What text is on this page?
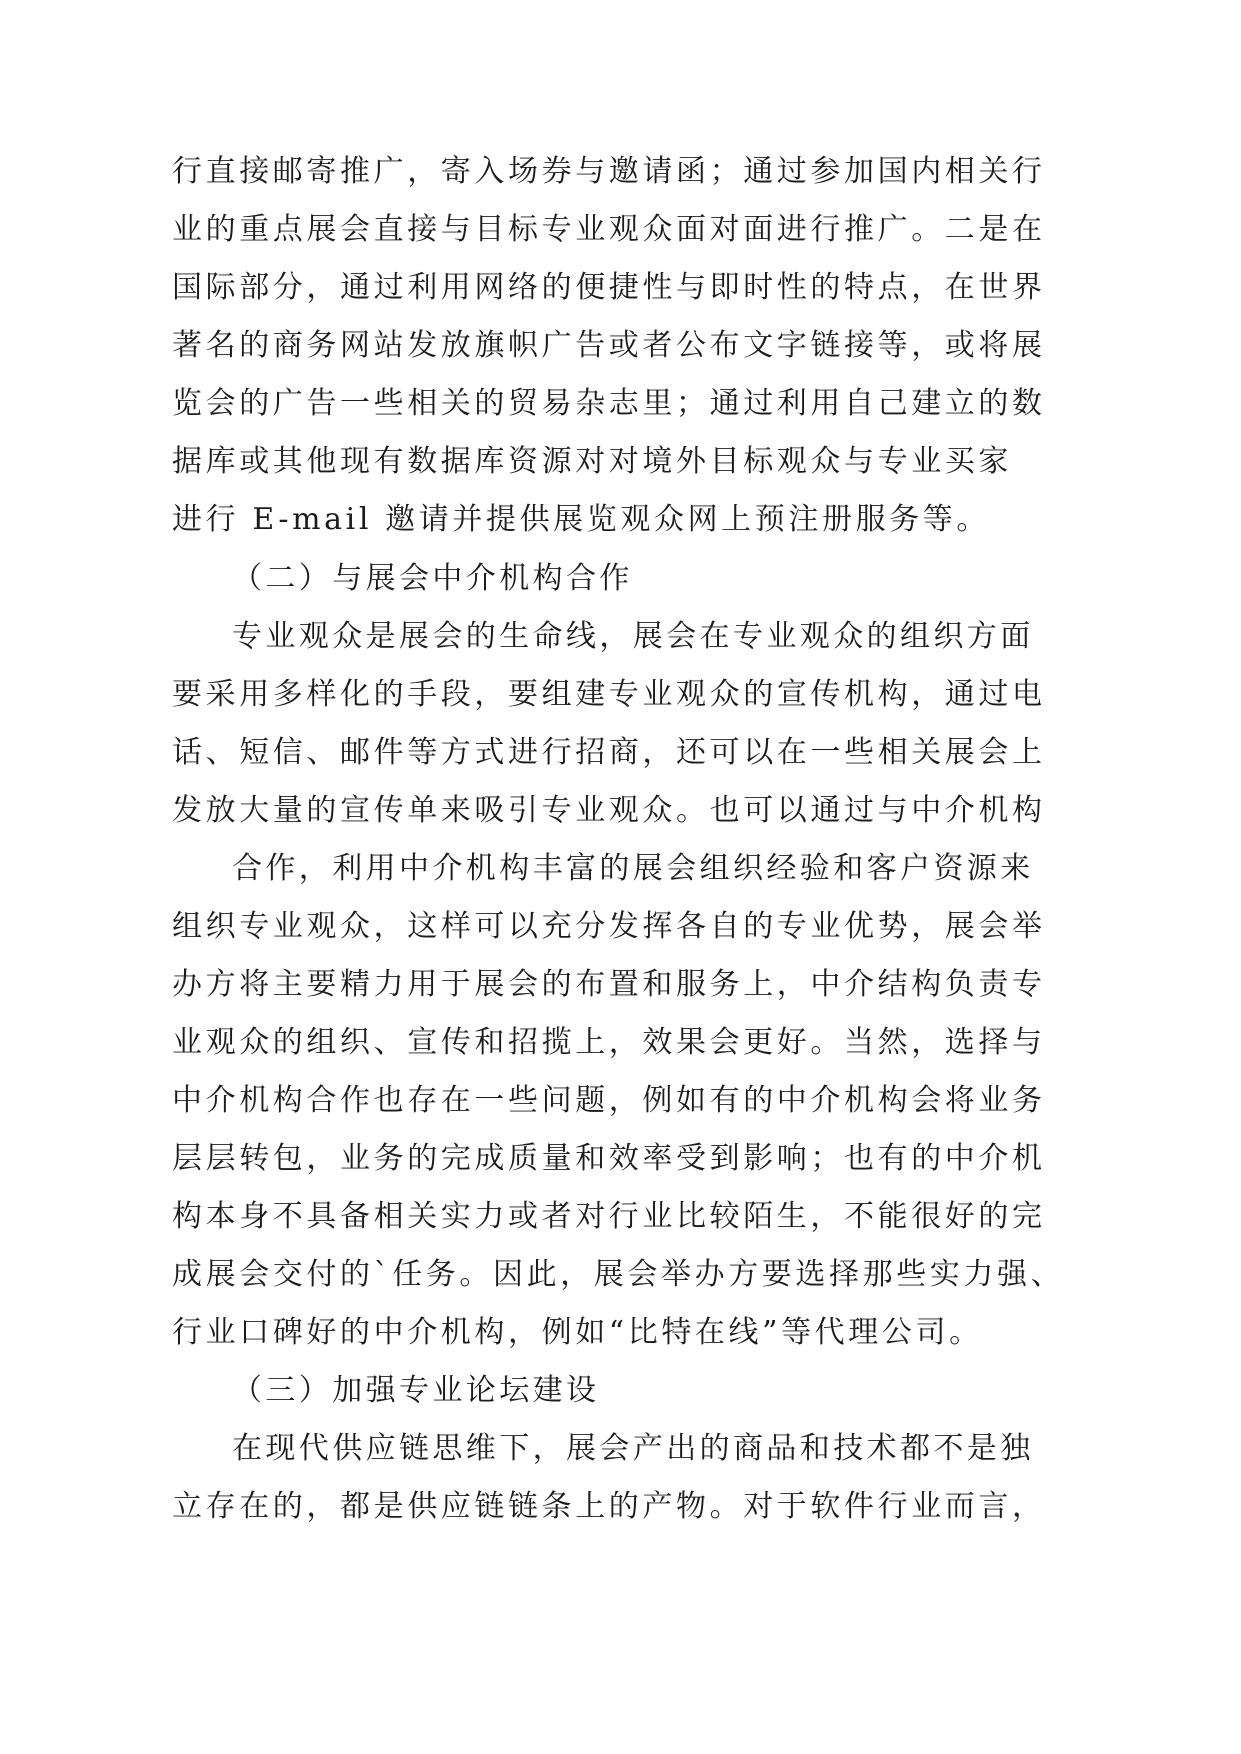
行直接邮寄推广，寄入场券与邀请函；通过参加国内相关行
业的重点展会直接与目标专业观众面对面进行推广。二是在
国际部分，通过利用网络的便捷性与即时性的特点，在世界
著名的商务网站发放旗帜广告或者公布文字链接等，或将展
览会的广告一些相关的贸易杂志里；通过利用自己建立的数
据库或其他现有数据库资源对对境外目标观众与专业买家
进行 E-mail 邀请并提供展览观众网上预注册服务等。
（二）与展会中介机构合作
专业观众是展会的生命线，展会在专业观众的组织方面
要采用多样化的手段，要组建专业观众的宣传机构，通过电
话、短信、邮件等方式进行招商，还可以在一些相关展会上
发放大量的宣传单来吸引专业观众。也可以通过与中介机构
合作，利用中介机构丰富的展会组织经验和客户资源来
组织专业观众，这样可以充分发挥各自的专业优势，展会举
办方将主要精力用于展会的布置和服务上，中介结构负责专
业观众的组织、宣传和招揽上，效果会更好。当然，选择与
中介机构合作也存在一些问题，例如有的中介机构会将业务
层层转包，业务的完成质量和效率受到影响；也有的中介机
构本身不具备相关实力或者对行业比较陌生，不能很好的完
成展会交付的`任务。因此，展会举办方要选择那些实力强、
行业口碑好的中介机构，例如“比特在线”等代理公司。
（三）加强专业论坛建设
在现代供应链思维下，展会产出的商品和技术都不是独
立存在的，都是供应链链条上的产物。对于软件行业而言，
